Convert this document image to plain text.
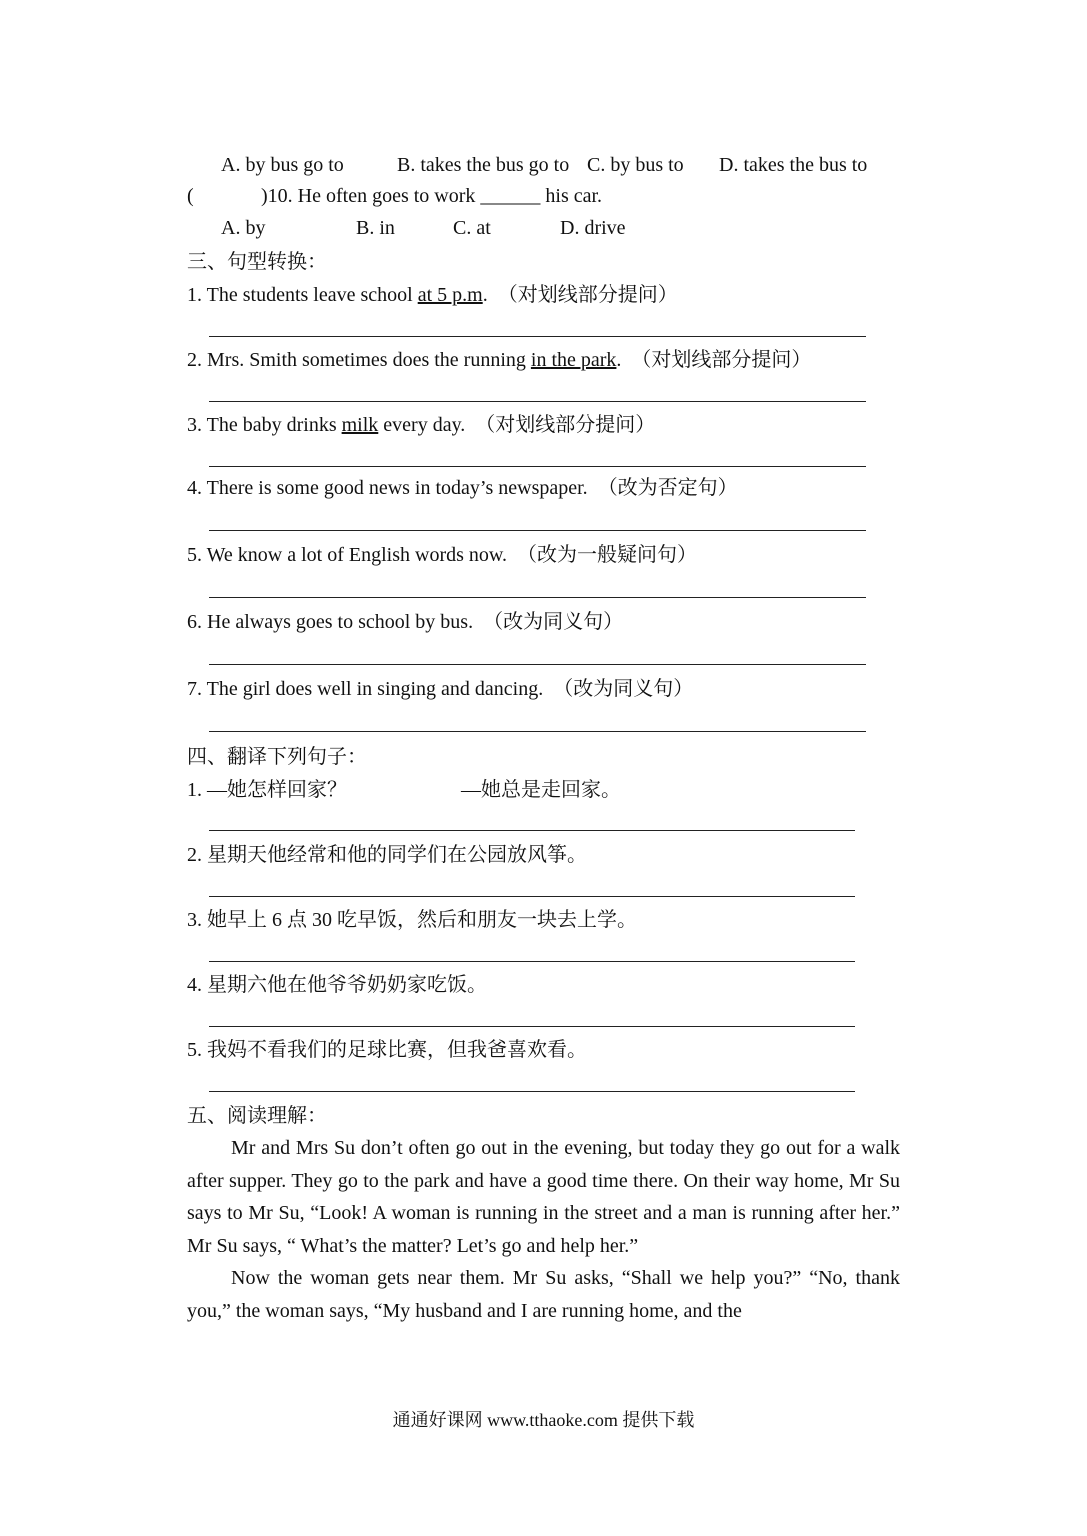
A. by bus go to	B. takes the bus go to C. by bus to D. takes the bus to
(	)10. He often goes to work ______ his car.
A. by	B. in	C. at	D. drive
三、句型转换：
1. The students leave school at 5 p.m. （对划线部分提问）
2. Mrs. Smith sometimes does the running in the park. （对划线部分提问）
3. The baby drinks milk every day. （对划线部分提问）
4. There is some good news in today’s newspaper. （改为否定句）
5. We know a lot of English words now. （改为一般疑问句）
6. He always goes to school by bus. （改为同义句）
7. The girl does well in singing and dancing. （改为同义句）
四、翻译下列句子：
1. —她怎样回家？	—她总是走回家。
2. 星期天他经常和他的同学们在公园放风筝。
3. 她早上 6 点 30 吃早饭，然后和朋友一块去上学。
4. 星期六他在他爷爷奶奶家吃饭。
5. 我妈不看我们的足球比赛，但我爸喜欢看。
五、阅读理解：

Mr and Mrs Su don’t often go out in the evening, but today they go out for a walk after supper. They go to the park and have a good time there. On their way home, Mr Su says to Mr Su, “Look! A woman is running in the street and a man is running after her.” Mr Su says, “ What’s the matter? Let’s go and help her.”

Now the woman gets near them. Mr Su asks, “Shall we help you?” “No, thank you,” the woman says, “My husband and I are running home, and the

通通好课网 www.tthaoke.com 提供下载
